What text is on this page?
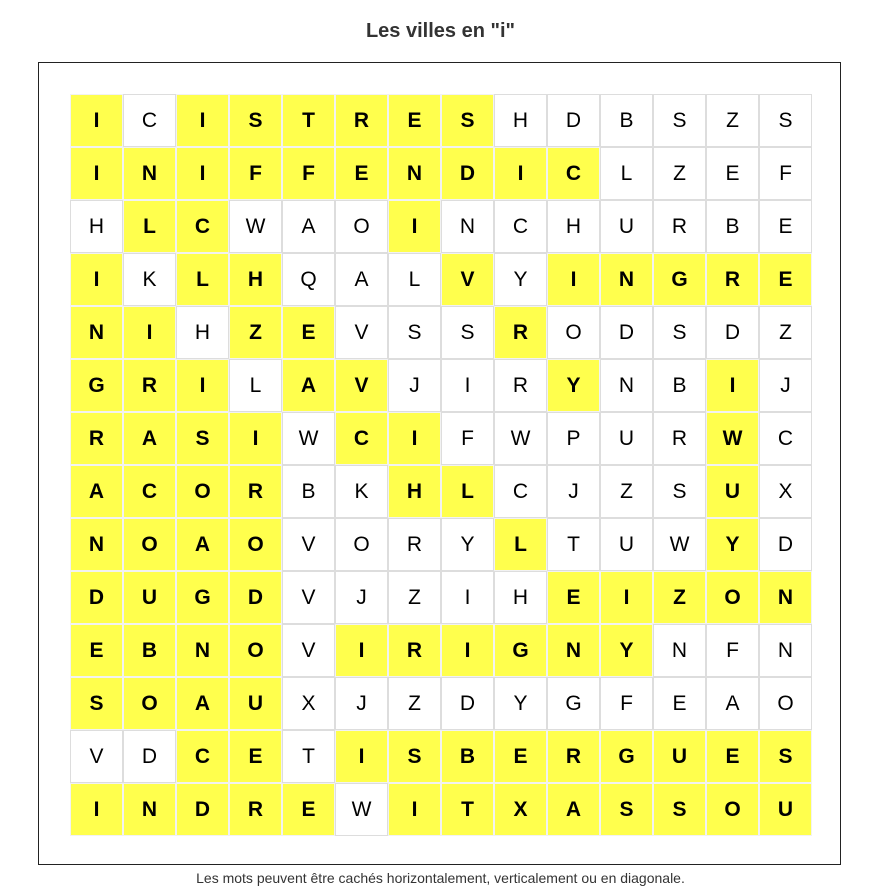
Les villes en "i"
I	C	I	S	T	R	E	S	H	D	B	S	Z	S
I	N	I	F	F	E	N	D	I	C	L	Z	E	F
H	L	C	W	A	O	I	N	C	H	U	R	B	E
I	K	L	H	Q	A	L	V	Y	I	N	G	R	E
N	I	H	Z	E	V	S	S	R	O	D	S	D	Z
G	R	I	L	A	V	J	I	R	Y	N	B	I	J
R	A	S	I	W	C	I	F	W	P	U	R	W	C
A	C	O	R	B	K	H	L	C	J	Z	S	U	X
N	O	A	O	V	O	R	Y	L	T	U	W	Y	D
D	U	G	D	V	J	Z	I	H	E	I	Z	O	N
E	B	N	O	V	I	R	I	G	N	Y	N	F	N
S	O	A	U	X	J	Z	D	Y	G	F	E	A	O
V	D	C	E	T	I	S	B	E	R	G	U	E	S
I	N	D	R	E	W	I	T	X	A	S	S	O	U
Les mots peuvent être cachés horizontalement, verticalement ou en diagonale.
